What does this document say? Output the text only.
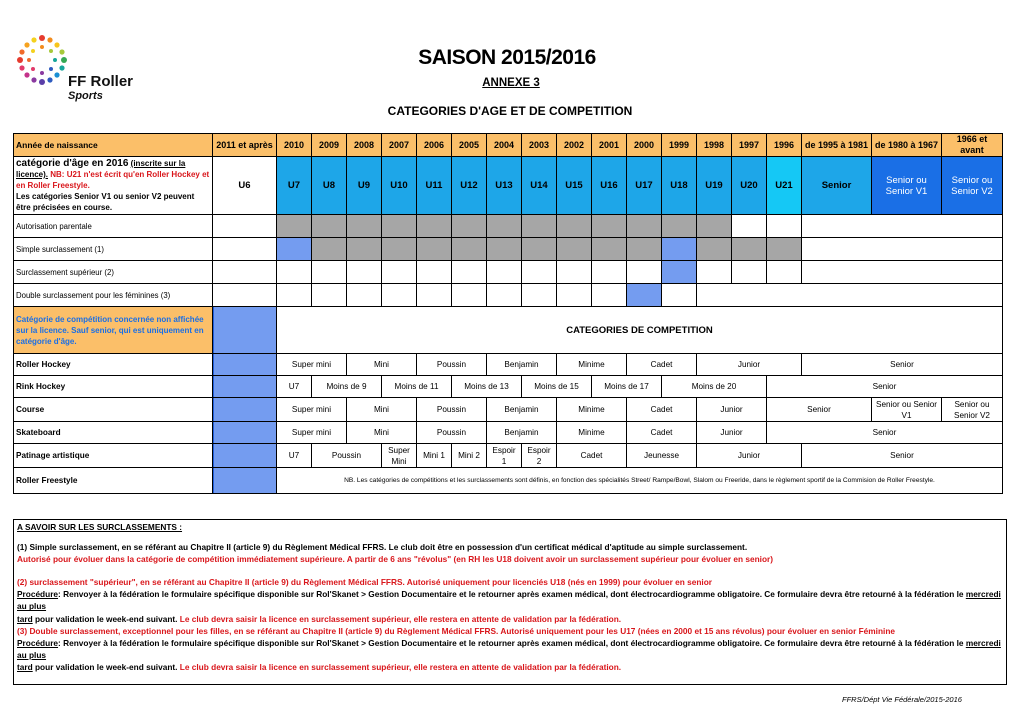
FF Roller
Sports
SAISON 2015/2016
ANNEXE 3
CATEGORIES D'AGE ET DE COMPETITION
Année de naissance	2011 et après	2010	2009	2008	2007	2006	2005	2004	2003	2002	2001	2000	1999	1998	1997	1996	de 1995 à 1981	de 1980 à 1967	1966 et avant
catégorie d'âge en 2016 (inscrite sur la licence). NB: U21 n'est écrit qu'en Roller Hockey et en Roller Freestyle.
Les catégories Senior V1 ou senior V2 peuvent être précisées en course.	U6	U7	U8	U9	U10	U11	U12	U13	U14	U15	U16	U17	U18	U19	U20	U21	Senior	Senior ou Senior V1	Senior ou Senior V2
Autorisation parentale																			
Simple surclassement (1)																			
Surclassement supérieur (2)																			
Double surclassement pour les féminines (3)																			
Catégorie de compétition concernée non affichée sur la licence. Sauf senior, qui est uniquement en catégorie d'âge.		CATEGORIES DE COMPETITION																	
Roller Hockey		Super mini		Mini		Poussin		Benjamin		Minime		Cadet		Junior			Senior		
Rink Hockey		U7	Moins de 9		Moins de 11		Moins de 13		Moins de 15		Moins de 17		Moins de 20			Senior			
Course		Super mini		Mini		Poussin		Benjamin		Minime		Cadet		Junior		Senior		Senior ou Senior V1	Senior ou Senior V2
Skateboard		Super mini		Mini		Poussin		Benjamin		Minime		Cadet		Junior		Senior			
Patinage artistique		U7	Poussin		Super Mini	Mini 1	Mini 2	Espoir 1	Espoir 2	Cadet		Jeunesse		Junior			Senior		
Roller Freestyle		NB. Les catégories de compétitions et les surclassements sont définis, en fonction des spécialités Street/ Rampe/Bowl, Slalom ou Freeride, dans le règlement sportif de la Commision de Roller Freestyle.																	

A SAVOIR SUR LES SURCLASSEMENTS :

(1) Simple surclassement, en se référant au Chapitre II (article 9) du Règlement Médical FFRS. Le club doit être en possession d'un certificat médical d'aptitude au simple surclassement.

Autorisé pour évoluer dans la catégorie de compétition immédiatement supérieure. A partir de 6 ans "révolus" (en RH les U18 doivent avoir un surclassement supérieur pour évoluer en senior)

(2) surclassement "supérieur", en se référant au Chapitre II (article 9) du Règlement Médical FFRS. Autorisé uniquement pour licenciés U18 (nés en 1999) pour évoluer en senior

Procédure: Renvoyer à la fédération le formulaire spécifique disponible sur Rol'Skanet > Gestion Documentaire et le retourner après examen médical, dont électrocardiogramme obligatoire. Ce formulaire devra être retourné à la fédération le mercredi au plus
tard pour validation le week-end suivant. Le club devra saisir la licence en surclassement supérieur, elle restera en attente de validation par la fédération.

(3) Double surclassement, exceptionnel pour les filles, en se référant au Chapitre II (article 9) du Règlement Médical FFRS. Autorisé uniquement pour les U17 (nées en 2000 et 15 ans révolus) pour évoluer en senior Féminine

Procédure: Renvoyer à la fédération le formulaire spécifique disponible sur Rol'Skanet > Gestion Documentaire et le retourner après examen médical, dont électrocardiogramme obligatoire. Ce formulaire devra être retourné à la fédération le mercredi au plus
tard pour validation le week-end suivant. Le club devra saisir la licence en surclassement supérieur, elle restera en attente de validation par la fédération.

FFRS/Dépt Vie Fédérale/2015-2016
